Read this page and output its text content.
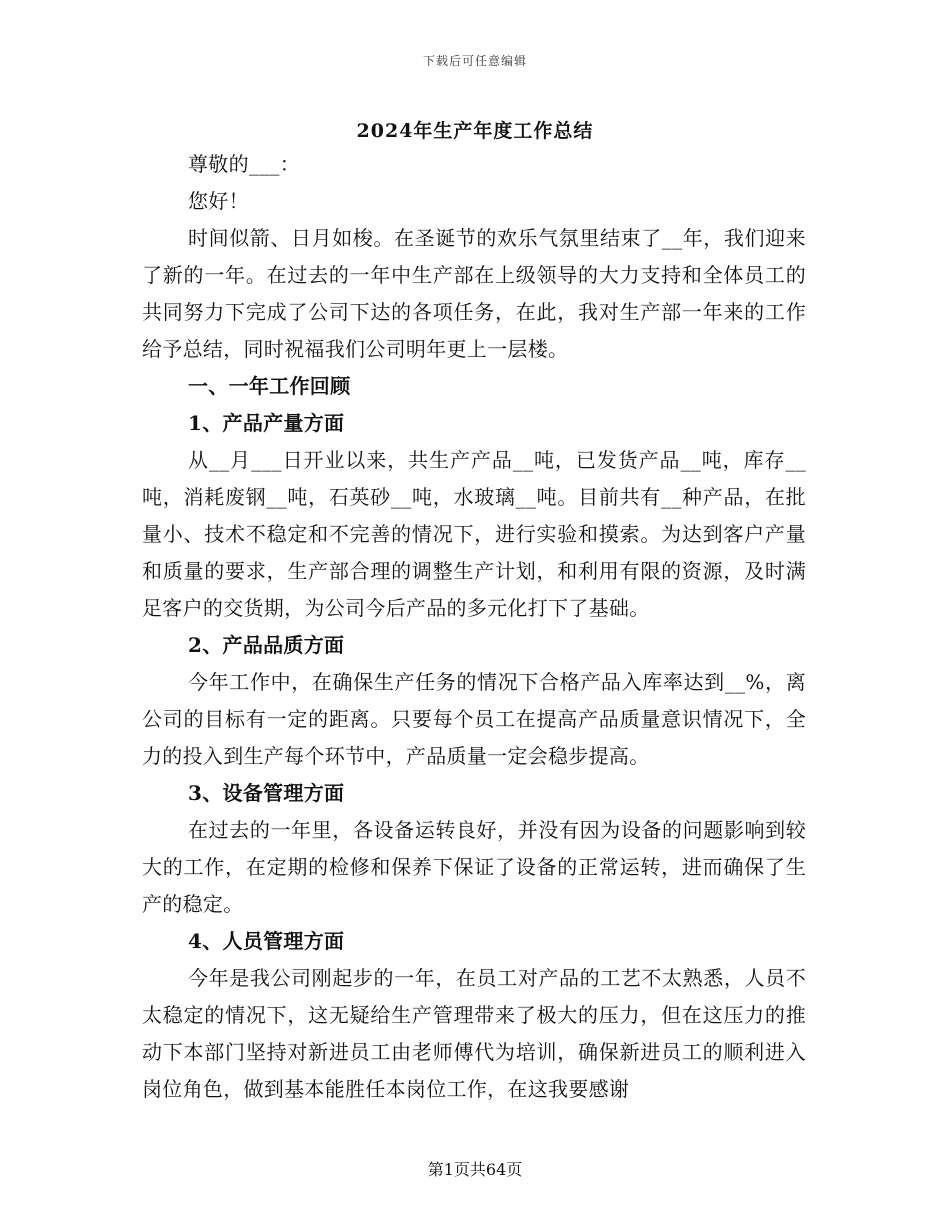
下载后可任意编辑
2024年生产年度工作总结

尊敬的___：

您好！

时间似箭、日月如梭。在圣诞节的欢乐气氛里结束了__年，我们迎来了新的一年。在过去的一年中生产部在上级领导的大力支持和全体员工的共同努力下完成了公司下达的各项任务，在此，我对生产部一年来的工作给予总结，同时祝福我们公司明年更上一层楼。

一、一年工作回顾

1、产品产量方面

从__月___日开业以来，共生产产品__吨，已发货产品__吨，库存__吨，消耗废钢__吨，石英砂__吨，水玻璃__吨。目前共有__种产品，在批量小、技术不稳定和不完善的情况下，进行实验和摸索。为达到客户产量和质量的要求，生产部合理的调整生产计划，和利用有限的资源，及时满足客户的交货期，为公司今后产品的多元化打下了基础。

2、产品品质方面

今年工作中，在确保生产任务的情况下合格产品入库率达到__%，离公司的目标有一定的距离。只要每个员工在提高产品质量意识情况下，全力的投入到生产每个环节中，产品质量一定会稳步提高。

3、设备管理方面

在过去的一年里，各设备运转良好，并没有因为设备的问题影响到较大的工作，在定期的检修和保养下保证了设备的正常运转，进而确保了生产的稳定。

4、人员管理方面

今年是我公司刚起步的一年，在员工对产品的工艺不太熟悉，人员不太稳定的情况下，这无疑给生产管理带来了极大的压力，但在这压力的推动下本部门坚持对新进员工由老师傅代为培训，确保新进员工的顺利进入岗位角色，做到基本能胜任本岗位工作，在这我要感谢

第1页共64页
